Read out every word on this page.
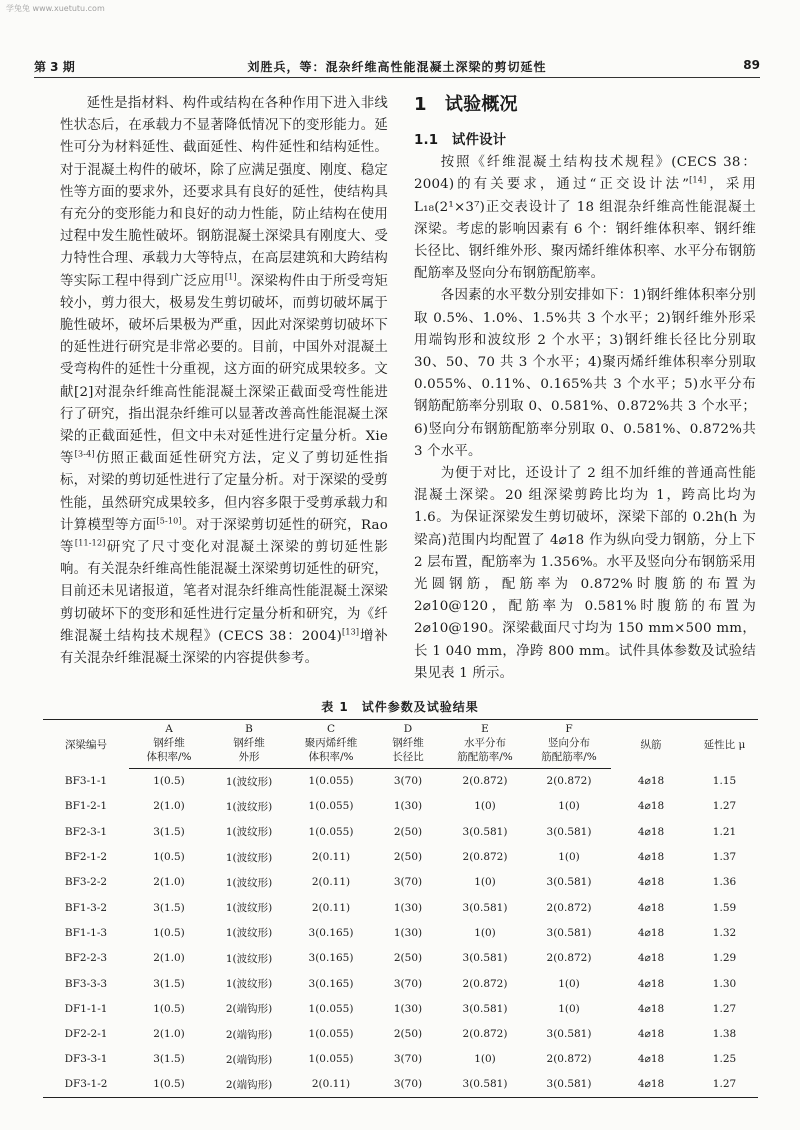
学兔兔 www.xuetutu.com
第 3 期	刘胜兵，等：混杂纤维高性能混凝土深梁的剪切延性	89

延性是指材料、构件或结构在各种作用下进入非线性状态后，在承载力不显著降低情况下的变形能力。延性可分为材料延性、截面延性、构件延性和结构延性。对于混凝土构件的破坏，除了应满足强度、刚度、稳定性等方面的要求外，还要求具有良好的延性，使结构具有充分的变形能力和良好的动力性能，防止结构在使用过程中发生脆性破坏。钢筋混凝土深梁具有刚度大、受力特性合理、承载力大等特点，在高层建筑和大跨结构等实际工程中得到广泛应用[1]。深梁构件由于所受弯矩较小，剪力很大，极易发生剪切破坏，而剪切破坏属于脆性破坏，破坏后果极为严重，因此对深梁剪切破坏下的延性进行研究是非常必要的。目前，中国外对混凝土受弯构件的延性十分重视，这方面的研究成果较多。文献[2]对混杂纤维高性能混凝土深梁正截面受弯性能进行了研究，指出混杂纤维可以显著改善高性能混凝土深梁的正截面延性，但文中未对延性进行定量分析。Xie 等[3-4]仿照正截面延性研究方法，定义了剪切延性指标，对梁的剪切延性进行了定量分析。对于深梁的受剪性能，虽然研究成果较多，但内容多限于受剪承载力和计算模型等方面[5-10]。对于深梁剪切延性的研究，Rao 等[11-12]研究了尺寸变化对混凝土深梁的剪切延性影响。有关混杂纤维高性能混凝土深梁剪切延性的研究，目前还未见诸报道，笔者对混杂纤维高性能混凝土深梁剪切破坏下的变形和延性进行定量分析和研究，为《纤维混凝土结构技术规程》(CECS 38：2004)[13]增补有关混杂纤维混凝土深梁的内容提供参考。

1　试验概况
1.1　试件设计

按照《纤维混凝土结构技术规程》(CECS 38：2004)的有关要求，通过“正交设计法”[14]，采用 L₁₈(2¹×3⁷)正交表设计了 18 组混杂纤维高性能混凝土深梁。考虑的影响因素有 6 个：钢纤维体积率、钢纤维长径比、钢纤维外形、聚丙烯纤维体积率、水平分布钢筋配筋率及竖向分布钢筋配筋率。

各因素的水平数分别安排如下：1)钢纤维体积率分别取 0.5%、1.0%、1.5%共 3 个水平；2)钢纤维外形采用端钩形和波纹形 2 个水平；3)钢纤维长径比分别取 30、50、70 共 3 个水平；4)聚丙烯纤维体积率分别取 0.055%、0.11%、0.165%共 3 个水平；5)水平分布钢筋配筋率分别取 0、0.581%、0.872%共 3 个水平；6)竖向分布钢筋配筋率分别取 0、0.581%、0.872%共 3 个水平。

为便于对比，还设计了 2 组不加纤维的普通高性能混凝土深梁。20 组深梁剪跨比均为 1，跨高比均为 1.6。为保证深梁发生剪切破坏，深梁下部的 0.2h(h 为梁高)范围内均配置了 4⌀18 作为纵向受力钢筋，分上下 2 层布置，配筋率为 1.356%。水平及竖向分布钢筋采用光圆钢筋，配筋率为 0.872%时腹筋的布置为 2⌀10@120，配筋率为 0.581%时腹筋的布置为 2⌀10@190。深梁截面尺寸均为 150 mm×500 mm，长 1 040 mm，净跨 800 mm。试件具体参数及试验结果见表 1 所示。

表 1　试件参数及试验结果
深梁编号	A	B	C	D	E	F	纵筋	延性比 μ
	钢纤维	钢纤维	聚丙烯纤维	钢纤维	水平分布	竖向分布		
	体积率/%	外形	体积率/%	长径比	筋配筋率/%	筋配筋率/%		
BF3-1-1	1(0.5)	1(波纹形)	1(0.055)	3(70)	2(0.872)	2(0.872)	4⌀18	1.15
BF1-2-1	2(1.0)	1(波纹形)	1(0.055)	1(30)	1(0)	1(0)	4⌀18	1.27
BF2-3-1	3(1.5)	1(波纹形)	1(0.055)	2(50)	3(0.581)	3(0.581)	4⌀18	1.21
BF2-1-2	1(0.5)	1(波纹形)	2(0.11)	2(50)	2(0.872)	1(0)	4⌀18	1.37
BF3-2-2	2(1.0)	1(波纹形)	2(0.11)	3(70)	1(0)	3(0.581)	4⌀18	1.36
BF1-3-2	3(1.5)	1(波纹形)	2(0.11)	1(30)	3(0.581)	2(0.872)	4⌀18	1.59
BF1-1-3	1(0.5)	1(波纹形)	3(0.165)	1(30)	1(0)	3(0.581)	4⌀18	1.32
BF2-2-3	2(1.0)	1(波纹形)	3(0.165)	2(50)	3(0.581)	2(0.872)	4⌀18	1.29
BF3-3-3	3(1.5)	1(波纹形)	3(0.165)	3(70)	2(0.872)	1(0)	4⌀18	1.30
DF1-1-1	1(0.5)	2(端钩形)	1(0.055)	1(30)	3(0.581)	1(0)	4⌀18	1.27
DF2-2-1	2(1.0)	2(端钩形)	1(0.055)	2(50)	2(0.872)	3(0.581)	4⌀18	1.38
DF3-3-1	3(1.5)	2(端钩形)	1(0.055)	3(70)	1(0)	2(0.872)	4⌀18	1.25
DF3-1-2	1(0.5)	2(端钩形)	2(0.11)	3(70)	3(0.581)	3(0.581)	4⌀18	1.27
